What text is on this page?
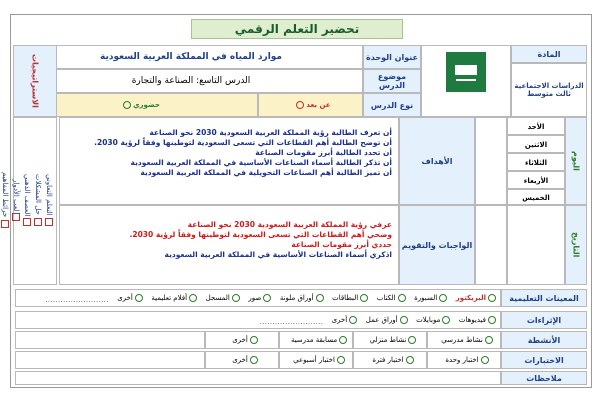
تحضير التعلم الرقمي
المادة
الدراسات الاجتماعية ثالث متوسط
عنوان الوحدة
موارد المياه في المملكة العربية السعودية
موضوع الدرس
الدرس التاسع: الصناعة والتجارة
نوع الدرس
عن بعد
حضوري
الاستراتيجيات
التعلم التعاوني
حل المشكلات
العصف الذهني
لعب الأدوار
خرائط المفاهيم
اليوم
التاريخ
الأحد
الاثنين
الثلاثاء
الأربعاء
الخميس
الأهداف
أن تعرف الطالبة رؤية المملكة العربية السعودية 2030 نحو الصناعة
أن توضح الطالبة أهم القطاعات التي تسعى السعودية لتوطينها وفقاً لرؤية 2030.
أن تحدد الطالبة أبرز مقومات الصناعة
أن تذكر الطالبة أسماء الصناعات الأساسية في المملكة العربية السعودية
أن تميز الطالبة أهم الصناعات التحويلية في المملكة العربية السعودية
الواجبات والتقويم
عرفي رؤية المملكة العربية السعودية 2030 نحو الصناعة
وضحي أهم القطاعات التي تسعى السعودية لتوطينها وفقاً لرؤية 2030.
حددي أبرز مقومات الصناعة
اذكري أسماء الصناعات الأساسية في المملكة العربية السعودية
المعينات التعليمية
البريكتور

السبورة

الكتاب

البطاقات

أوراق ملونة

صور

المسجل

أفلام تعليمية

أخرى
.........................
الإثراءات
فيديوهات

موبايلات

أوراق عمل

أخرى
.........................
الأنشطة
نشاط مدرسي
نشاط منزلي
مسابقة مدرسية
أخرى
الاختبارات
اختبار وحدة
اختبار فترة
اختبار أسبوعي
أخرى
ملاحظات
